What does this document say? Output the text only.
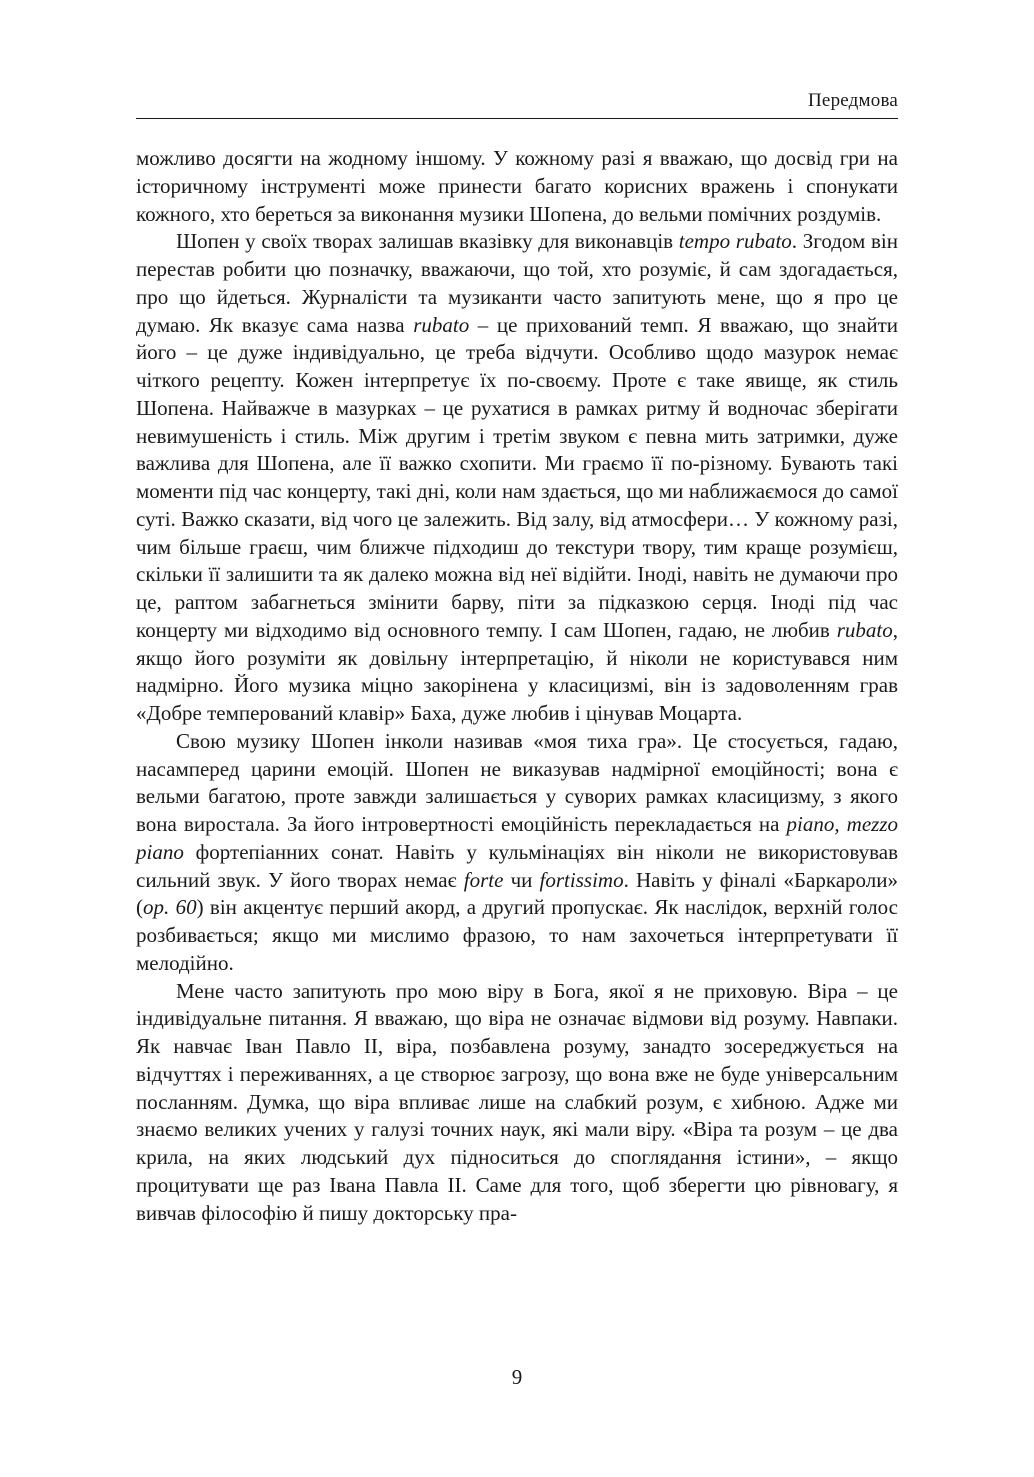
Передмова

можливо досягти на жодному іншому. У кожному разі я вважаю, що досвід гри на історичному інструменті може принести багато корисних вражень і спонукати кожного, хто береться за виконання музики Шопена, до вельми помічних роздумів.

Шопен у своїх творах залишав вказівку для виконавців tempo rubato. Згодом він перестав робити цю позначку, вважаючи, що той, хто розуміє, й сам здогадається, про що йдеться. Журналісти та музиканти часто запитують мене, що я про це думаю. Як вказує сама назва rubato – це прихований темп. Я вважаю, що знайти його – це дуже індивідуально, це треба відчути. Особливо щодо мазурок немає чіткого рецепту. Кожен інтерпретує їх по-своєму. Проте є таке явище, як стиль Шопена. Найважче в мазурках – це рухатися в рамках ритму й водночас зберігати невимушеність і стиль. Між другим і третім звуком є певна мить затримки, дуже важлива для Шопена, але її важко схопити. Ми граємо її по-різному. Бувають такі моменти під час концерту, такі дні, коли нам здається, що ми наближаємося до самої суті. Важко сказати, від чого це залежить. Від залу, від атмосфери… У кожному разі, чим більше граєш, чим ближче підходиш до текстури твору, тим краще розумієш, скільки її залишити та як далеко можна від неї відійти. Іноді, навіть не думаючи про це, раптом забагнеться змінити барву, піти за підказкою серця. Іноді під час концерту ми відходимо від основного темпу. І сам Шопен, гадаю, не любив rubato, якщо його розуміти як довільну інтерпретацію, й ніколи не користувався ним надмірно. Його музика міцно закорінена у класицизмі, він із задоволенням грав «Добре темперований клавір» Баха, дуже любив і цінував Моцарта.

Свою музику Шопен інколи називав «моя тиха гра». Це стосується, гадаю, насамперед царини емоцій. Шопен не виказував надмірної емоційності; вона є вельми багатою, проте завжди залишається у суворих рамках класицизму, з якого вона виростала. За його інтровертності емоційність перекладається на piano, mezzo piano фортепіанних сонат. Навіть у кульмінаціях він ніколи не використовував сильний звук. У його творах немає forte чи fortissimo. Навіть у фіналі «Баркароли» (op. 60) він акцентує перший акорд, а другий пропускає. Як наслідок, верхній голос розбивається; якщо ми мислимо фразою, то нам захочеться інтерпретувати її мелодійно.

Мене часто запитують про мою віру в Бога, якої я не приховую. Віра – це індивідуальне питання. Я вважаю, що віра не означає відмови від розуму. Навпаки. Як навчає Іван Павло ІІ, віра, позбавлена розуму, занадто зосереджується на відчуттях і переживаннях, а це створює загрозу, що вона вже не буде універсальним посланням. Думка, що віра впливає лише на слабкий розум, є хибною. Адже ми знаємо великих учених у галузі точних наук, які мали віру. «Віра та розум – це два крила, на яких людський дух підноситься до споглядання істини», – якщо процитувати ще раз Івана Павла ІІ. Саме для того, щоб зберегти цю рівновагу, я вивчав філософію й пишу докторську пра-

9
